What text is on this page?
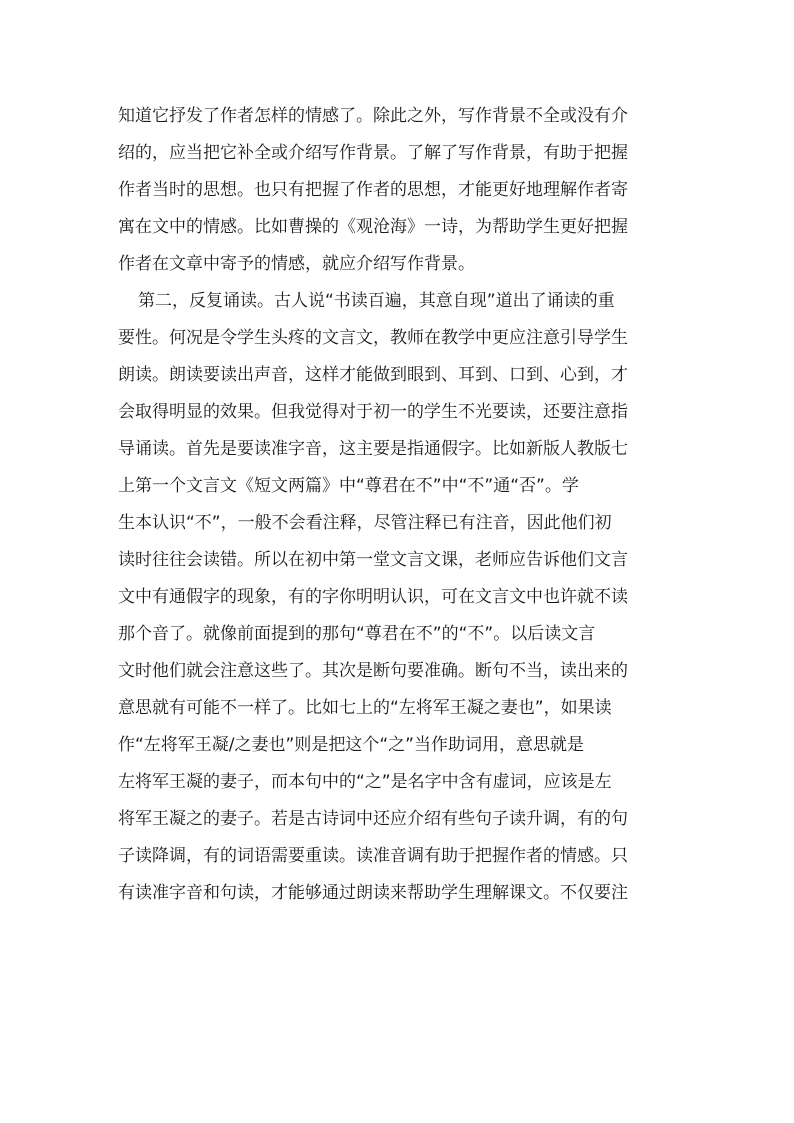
知道它抒发了作者怎样的情感了。除此之外，写作背景不全或没有介
绍的，应当把它补全或介绍写作背景。了解了写作背景，有助于把握
作者当时的思想。也只有把握了作者的思想，才能更好地理解作者寄
寓在文中的情感。比如曹操的《观沧海》一诗，为帮助学生更好把握
作者在文章中寄予的情感，就应介绍写作背景。
第二，反复诵读。古人说“书读百遍，其意自现”道出了诵读的重
要性。何况是令学生头疼的文言文，教师在教学中更应注意引导学生
朗读。朗读要读出声音，这样才能做到眼到、耳到、口到、心到，才
会取得明显的效果。但我觉得对于初一的学生不光要读，还要注意指
导诵读。首先是要读准字音，这主要是指通假字。比如新版人教版七
上第一个文言文《短文两篇》中“尊君在不”中“不”通“否”。学
生本认识“不”，一般不会看注释，尽管注释已有注音，因此他们初
读时往往会读错。所以在初中第一堂文言文课，老师应告诉他们文言
文中有通假字的现象，有的字你明明认识，可在文言文中也许就不读
那个音了。就像前面提到的那句“尊君在不”的“不”。以后读文言
文时他们就会注意这些了。其次是断句要准确。断句不当，读出来的
意思就有可能不一样了。比如七上的“左将军王凝之妻也”，如果读
作“左将军王凝/之妻也”则是把这个“之”当作助词用，意思就是
左将军王凝的妻子，而本句中的“之”是名字中含有虚词，应该是左
将军王凝之的妻子。若是古诗词中还应介绍有些句子读升调，有的句
子读降调，有的词语需要重读。读准音调有助于把握作者的情感。只
有读准字音和句读，才能够通过朗读来帮助学生理解课文。不仅要注
